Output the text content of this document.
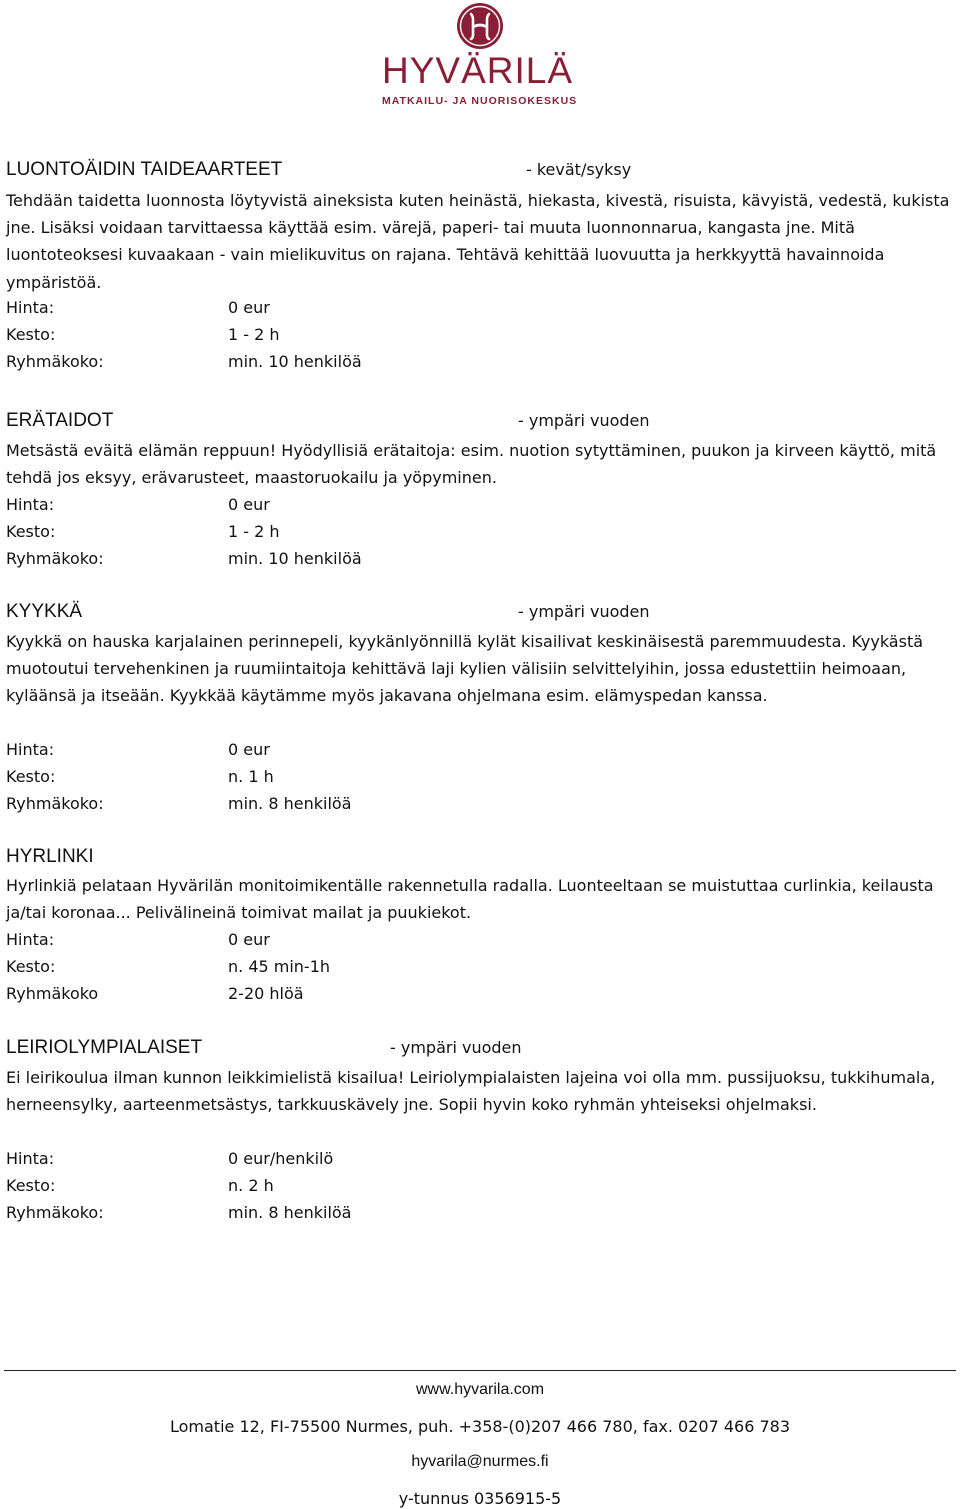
HYVÄRILÄ
MATKAILU- JA NUORISOKESKUS
LUONTOÄIDIN TAIDEAARTEET	- kevät/syksy

Tehdään taidetta luonnosta löytyvistä aineksista kuten heinästä, hiekasta, kivestä, risuista, kävyistä, vedestä, kukista jne. Lisäksi voidaan tarvittaessa käyttää esim. värejä, paperi- tai muuta luonnonnarua, kangasta jne. Mitä luontoteoksesi kuvaakaan - vain mielikuvitus on rajana. Tehtävä kehittää luovuutta ja herkkyyttä havainnoida ympäristöä.

Hinta:	0 eur
Kesto:	1 - 2 h
Ryhmäkoko:	min. 10 henkilöä
ERÄTAIDOT	- ympäri vuoden

Metsästä eväitä elämän reppuun! Hyödyllisiä erätaitoja: esim. nuotion sytyttäminen, puukon ja kirveen käyttö, mitä tehdä jos eksyy, erävarusteet, maastoruokailu ja yöpyminen.

Hinta:	0 eur
Kesto:	1 - 2 h
Ryhmäkoko:	min. 10 henkilöä
KYYKKÄ	- ympäri vuoden

Kyykkä on hauska karjalainen perinnepeli, kyykänlyönnillä kylät kisailivat keskinäisestä paremmuudesta. Kyykästä muotoutui tervehenkinen ja ruumiintaitoja kehittävä laji kylien välisiin selvittelyihin, jossa edustettiin heimoaan, kyläänsä ja itseään. Kyykkää käytämme myös jakavana ohjelmana esim. elämyspedan kanssa.

Hinta:	0 eur
Kesto:	n. 1 h
Ryhmäkoko:	min. 8 henkilöä
HYRLINKI

Hyrlinkiä pelataan Hyvärilän monitoimikentälle rakennetulla radalla. Luonteeltaan se muistuttaa curlinkia, keilausta ja/tai koronaa... Pelivälineinä toimivat mailat ja puukiekot.

Hinta:	0 eur
Kesto:	n. 45 min-1h
Ryhmäkoko	2-20 hlöä
LEIRIOLYMPIALAISET	- ympäri vuoden

Ei leirikoulua ilman kunnon leikkimielistä kisailua! Leiriolympialaisten lajeina voi olla mm. pussijuoksu, tukkihumala, herneensylky, aarteenmetsästys, tarkkuuskävely jne. Sopii hyvin koko ryhmän yhteiseksi ohjelmaksi.

Hinta:	0 eur/henkilö
Kesto:	n. 2 h
Ryhmäkoko:	min. 8 henkilöä
www.hyvarila.com
Lomatie 12, FI-75500 Nurmes, puh. +358-(0)207 466 780, fax. 0207 466 783
hyvarila@nurmes.fi
y-tunnus 0356915-5
